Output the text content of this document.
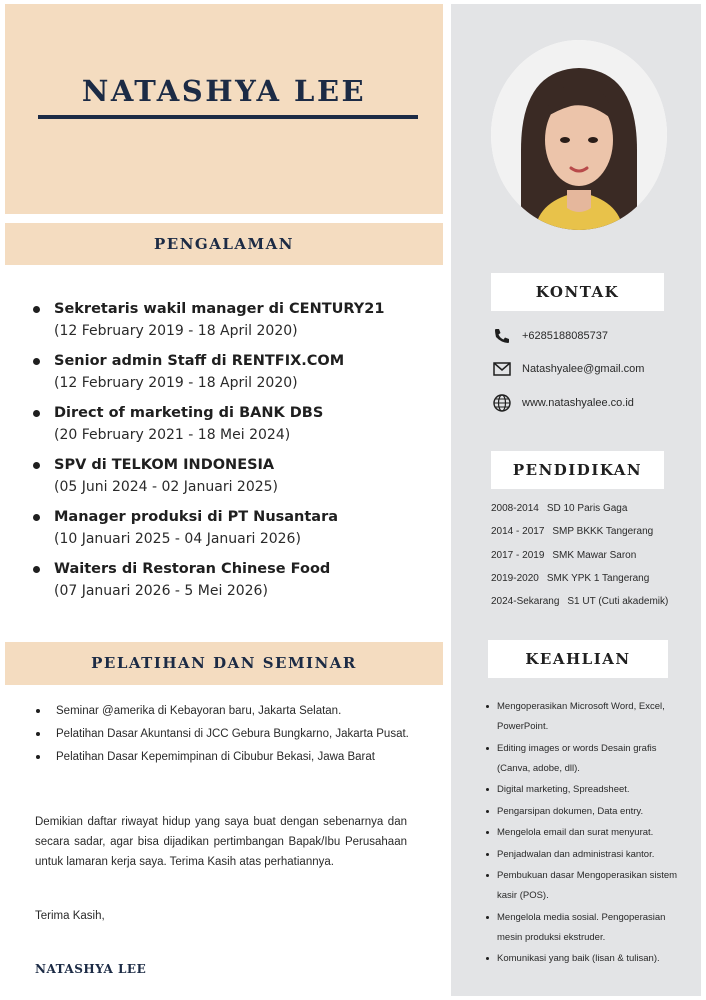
NATASHYA LEE
PENGALAMAN
Sekretaris wakil manager di CENTURY21
(12 February 2019 - 18 April 2020)
Senior admin Staff di RENTFIX.COM
(12 February 2019 - 18 April 2020)
Direct of marketing di BANK DBS
(20 February 2021 - 18 Mei 2024)
SPV di TELKOM INDONESIA
(05 Juni 2024 - 02 Januari 2025)
Manager produksi di PT Nusantara
(10 Januari 2025 - 04 Januari 2026)
Waiters di Restoran Chinese Food
(07 Januari 2026 - 5 Mei 2026)
PELATIHAN DAN SEMINAR
Seminar @amerika di Kebayoran baru, Jakarta Selatan.
Pelatihan Dasar Akuntansi di JCC Gebura Bungkarno, Jakarta Pusat.
Pelatihan Dasar Kepemimpinan di Cibubur Bekasi, Jawa Barat

Demikian daftar riwayat hidup yang saya buat dengan sebenarnya dan secara sadar, agar bisa dijadikan pertimbangan Bapak/Ibu Perusahaan untuk lamaran kerja saya. Terima Kasih atas perhatiannya.

Terima Kasih,
NATASHYA LEE
KONTAK
+6285188085737
Natashyalee@gmail.com
www.natashyalee.co.id
PENDIDIKAN
2008-2014 SD 10 Paris Gaga
2014 - 2017 SMP BKKK Tangerang
2017 - 2019 SMK Mawar Saron
2019-2020 SMK YPK 1 Tangerang
2024-Sekarang S1 UT (Cuti akademik)
KEAHLIAN
Mengoperasikan Microsoft Word, Excel, PowerPoint.
Editing images or words Desain grafis (Canva, adobe, dll).
Digital marketing, Spreadsheet.
Pengarsipan dokumen, Data entry.
Mengelola email dan surat menyurat.
Penjadwalan dan administrasi kantor.
Pembukuan dasar Mengoperasikan sistem kasir (POS).
Mengelola media sosial. Pengoperasian mesin produksi ekstruder.
Komunikasi yang baik (lisan & tulisan).
